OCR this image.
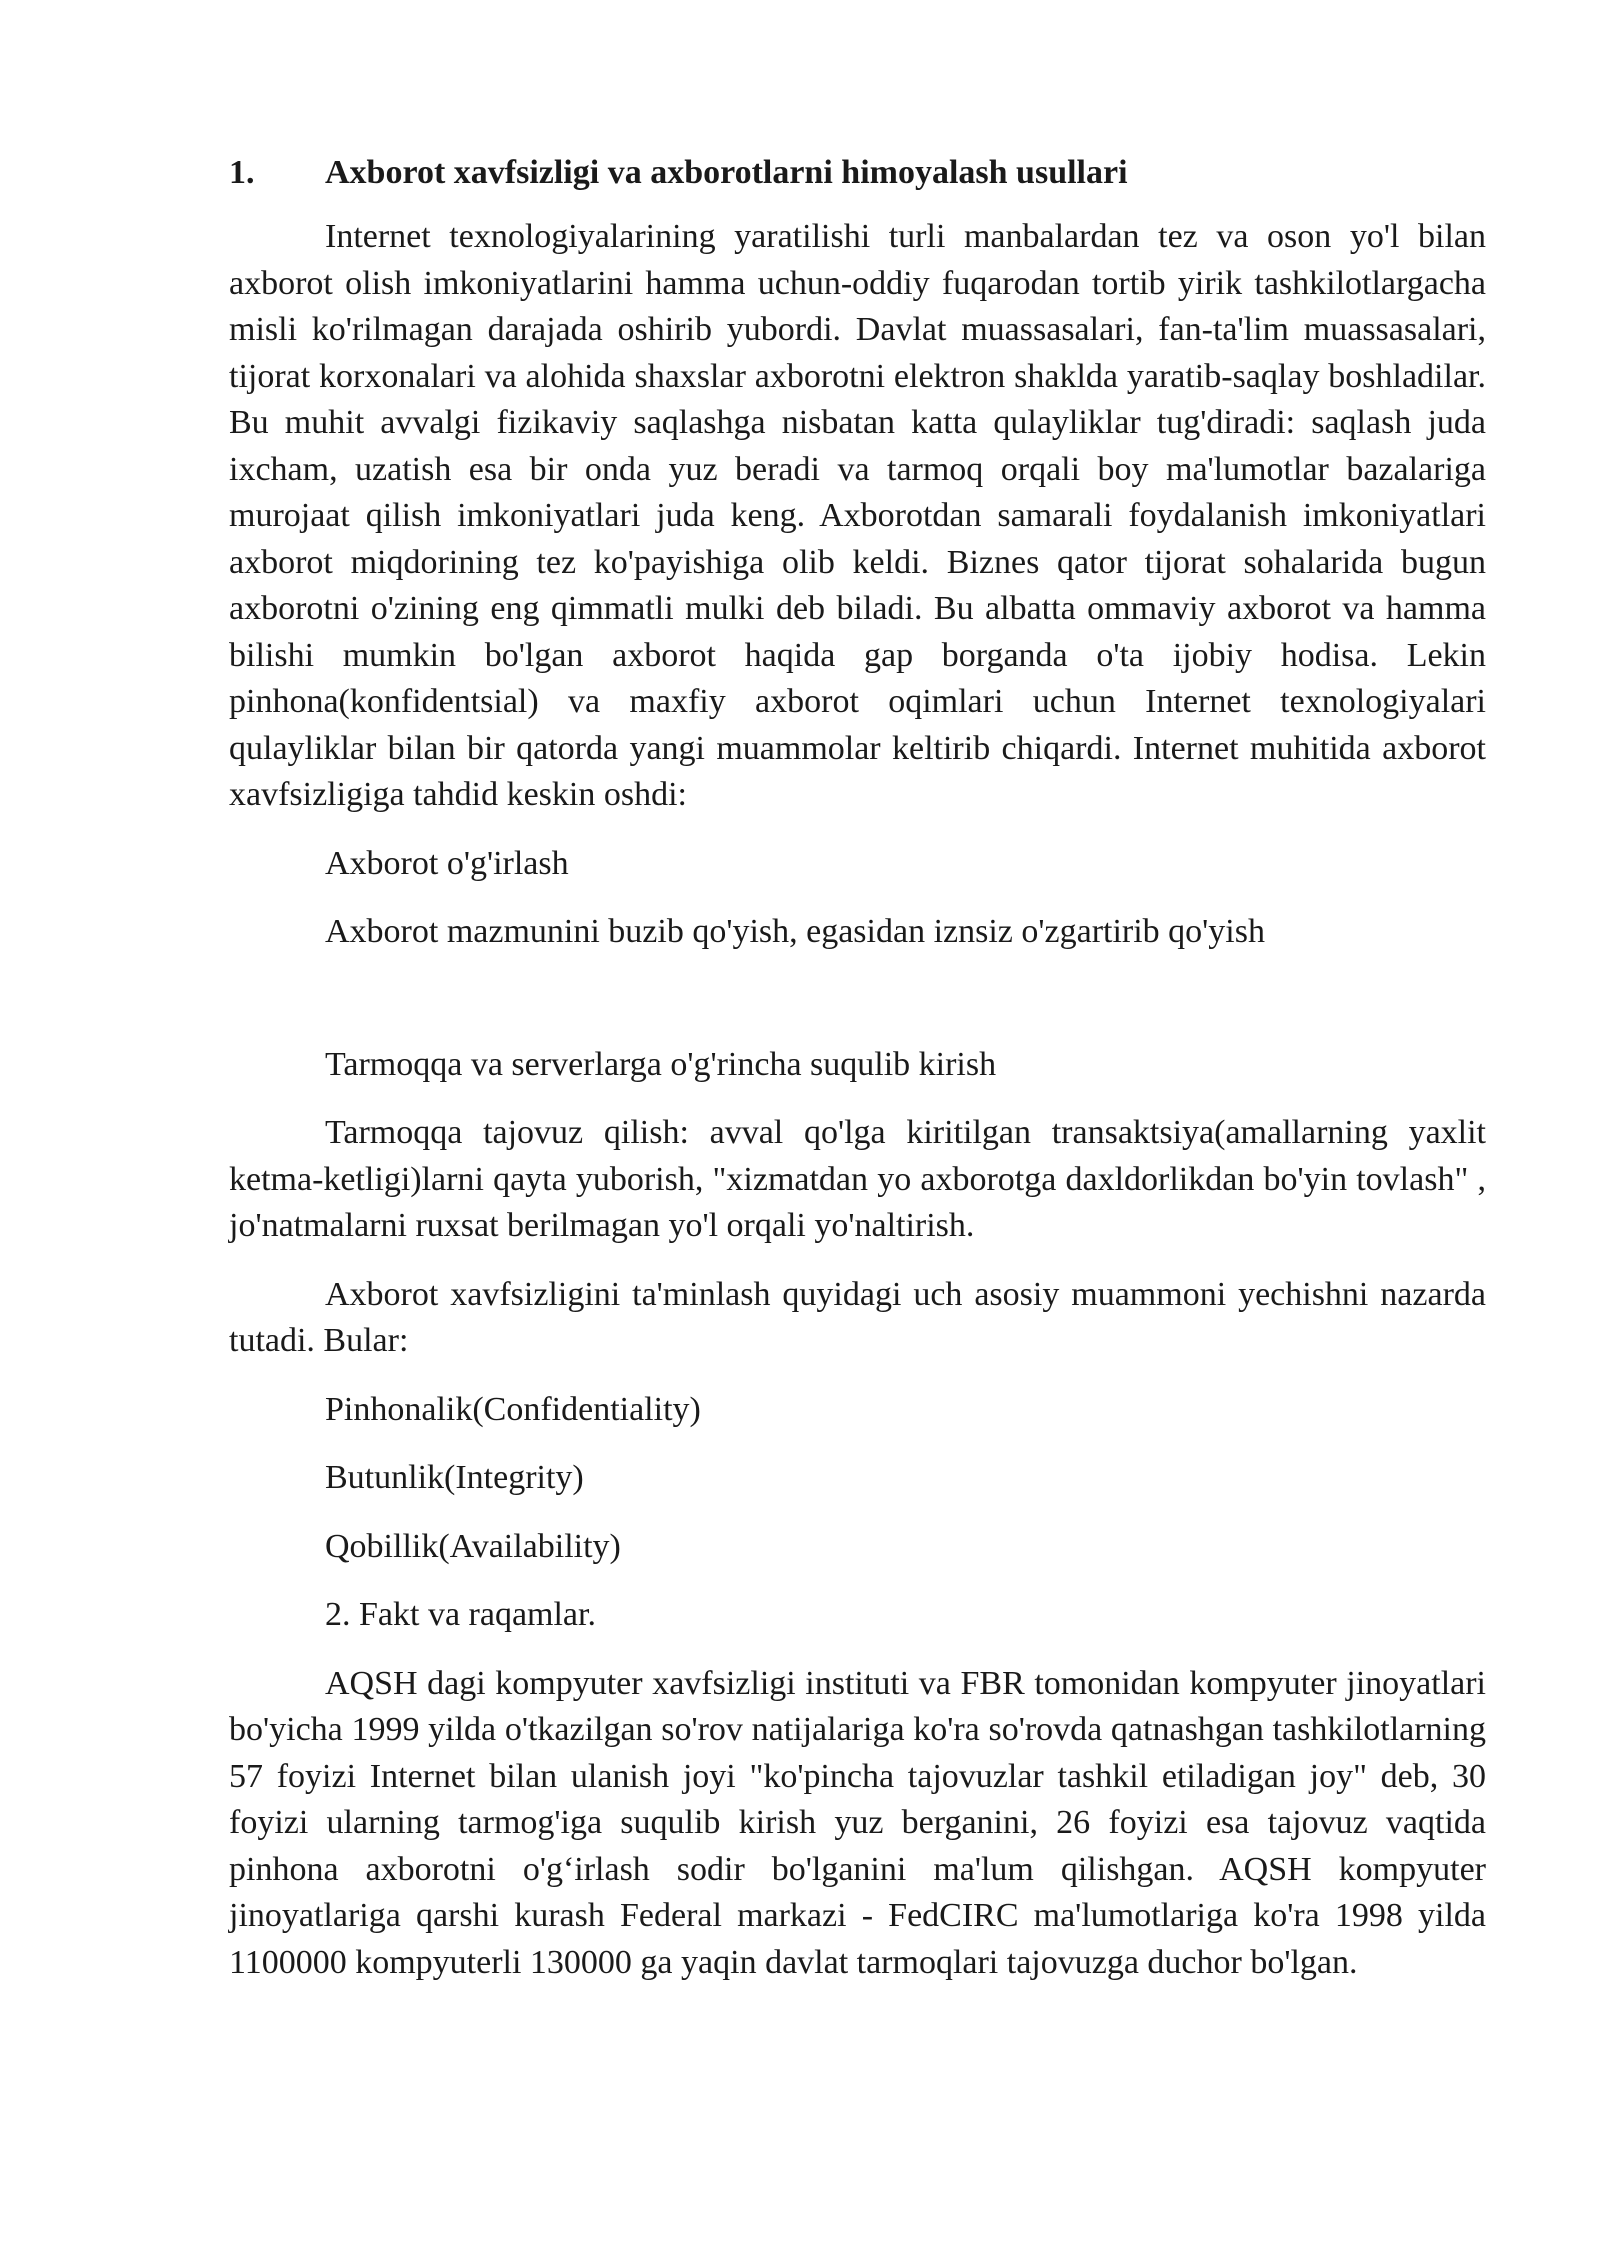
1.	Axborot xavfsizligi va axborotlarni himoyalash usullari

Internet texnologiyalarining yaratilishi turli manbalardan tez va oson yo'l bilan axborot olish imkoniyatlarini hamma uchun-oddiy fuqarodan tortib yirik tashkilotlargacha misli ko'rilmagan darajada oshirib yubordi. Davlat muassasalari, fan-ta'lim muassasalari, tijorat korxonalari va alohida shaxslar axborotni elektron shaklda yaratib-saqlay boshladilar. Bu muhit avvalgi fizikaviy saqlashga nisbatan katta qulayliklar tug'diradi: saqlash juda ixcham, uzatish esa bir onda yuz beradi va tarmoq orqali boy ma'lumotlar bazalariga murojaat qilish imkoniyatlari juda keng. Axborotdan samarali foydalanish imkoniyatlari axborot miqdorining tez ko'payishiga olib keldi. Biznes qator tijorat sohalarida bugun axborotni o'zining eng qimmatli mulki deb biladi. Bu albatta ommaviy axborot va hamma bilishi mumkin bo'lgan axborot haqida gap borganda o'ta ijobiy hodisa. Lekin pinhona(konfidentsial) va maxfiy axborot oqimlari uchun Internet texnologiyalari qulayliklar bilan bir qatorda yangi muammolar keltirib chiqardi. Internet muhitida axborot xavfsizligiga tahdid keskin oshdi:

Axborot o'g'irlash

Axborot mazmunini buzib qo'yish, egasidan iznsiz o'zgartirib qo'yish

Tarmoqqa va serverlarga o'g'rincha suqulib kirish

Tarmoqqa tajovuz qilish: avval qo'lga kiritilgan transaktsiya(amallarning yaxlit ketma-ketligi)larni qayta yuborish, "xizmatdan yo axborotga daxldorlikdan bo'yin tovlash" , jo'natmalarni ruxsat berilmagan yo'l orqali yo'naltirish.

Axborot xavfsizligini ta'minlash quyidagi uch asosiy muammoni yechishni nazarda tutadi. Bular:

Pinhonalik(Confidentiality)

Butunlik(Integrity)

Qobillik(Availability)

2. Fakt va raqamlar.

AQSH dagi kompyuter xavfsizligi instituti va FBR tomonidan kompyuter jinoyatlari bo'yicha 1999 yilda o'tkazilgan so'rov natijalariga ko'ra so'rovda qatnashgan tashkilotlarning 57 foyizi Internet bilan ulanish joyi "ko'pincha tajovuzlar tashkil etiladigan joy" deb, 30 foyizi ularning tarmog'iga suqulib kirish yuz berganini, 26 foyizi esa tajovuz vaqtida pinhona axborotni o'g‘irlash sodir bo'lganini ma'lum qilishgan. AQSH kompyuter jinoyatlariga qarshi kurash Federal markazi - FedCIRC ma'lumotlariga ko'ra 1998 yilda 1100000 kompyuterli 130000 ga yaqin davlat tarmoqlari tajovuzga duchor bo'lgan.
